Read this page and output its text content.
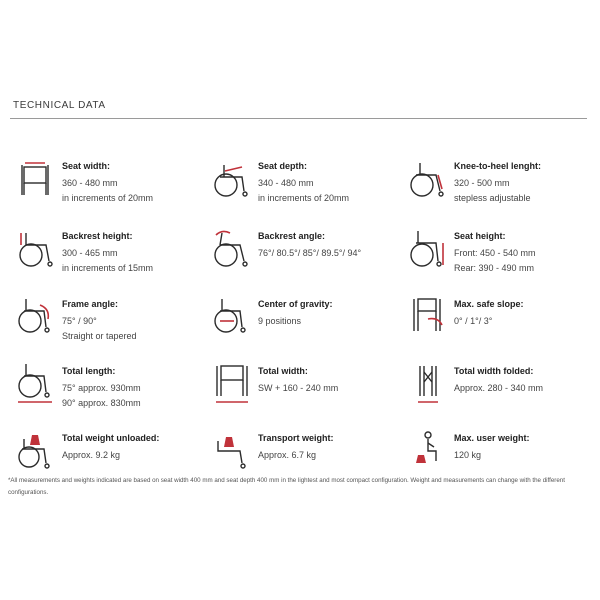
TECHNICAL DATA
Seat width:
360 - 480 mm
in increments of 20mm
Seat depth:
340 - 480 mm
in increments of 20mm
Knee-to-heel lenght:
320 - 500 mm
stepless adjustable
Backrest height:
300 - 465 mm
in increments of 15mm
Backrest angle:
76°/ 80.5°/ 85°/ 89.5°/ 94°
Seat height:
Front: 450 - 540 mm
Rear: 390 - 490 mm
Frame angle:
75° / 90°
Straight or tapered
Center of gravity:
9 positions
Max. safe slope:
0° / 1°/ 3°
Total length:
75° approx. 930mm
90° approx. 830mm
Total width:
SW + 160 - 240 mm
Total width folded:
Approx. 280 - 340 mm
Total weight unloaded:
Approx. 9.2 kg
Transport weight:
Approx. 6.7 kg
Max. user weight:
120 kg
*All measurements and weights indicated are based on seat width 400 mm and seat depth 400 mm in the lightest and most compact configuration. Weight and measurements can change with the different configurations.
